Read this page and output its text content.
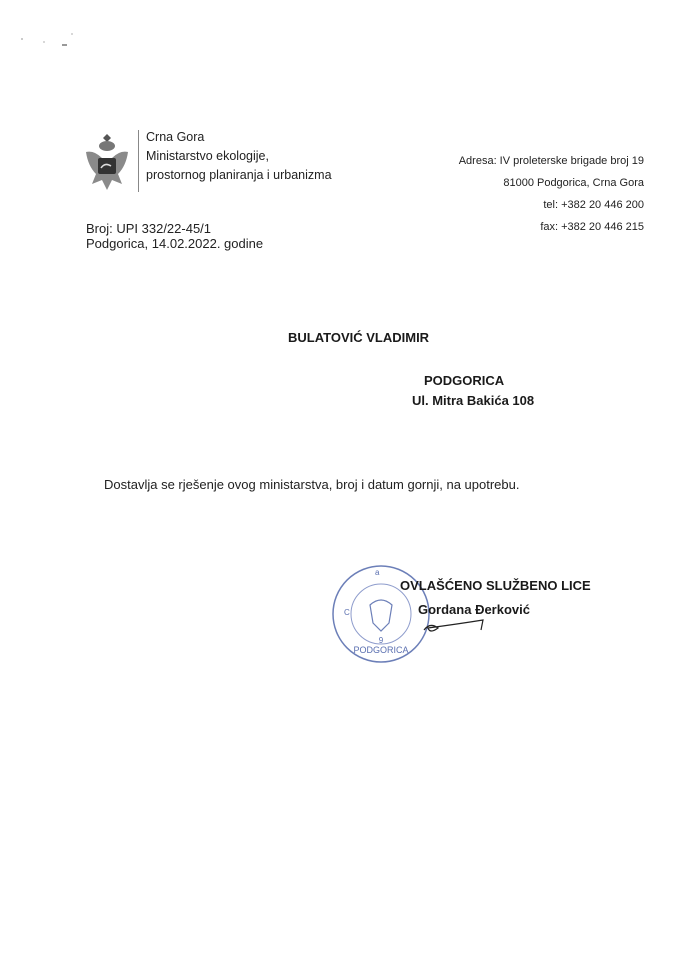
Crna Gora
Ministarstvo ekologije,
prostornog planiranja i urbanizma
Adresa: IV proleterske brigade broj 19
81000 Podgorica, Crna Gora
tel: +382 20 446 200
fax: +382 20 446 215
Broj: UPI 332/22-45/1
Podgorica, 14.02.2022. godine
BULATOVIĆ VLADIMIR
PODGORICA
Ul. Mitra Bakića 108
Dostavlja se rješenje ovog ministarstva, broj i datum gornji, na upotrebu.
PODGORICA
9
C
a
OVLAŠĆENO SLUŽBENO LICE
Gordana Đerković
